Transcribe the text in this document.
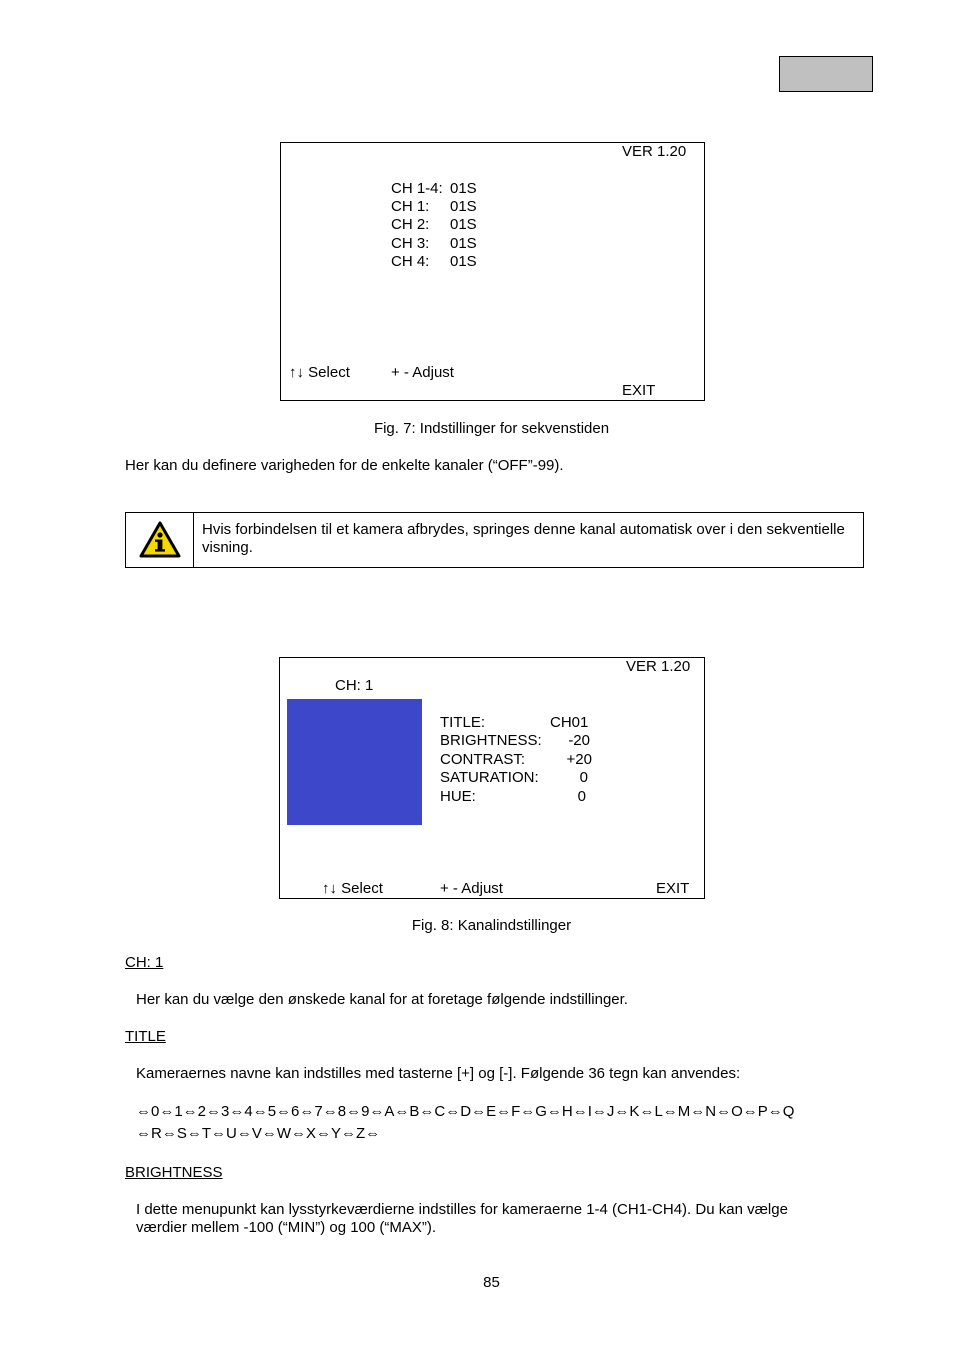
VER 1.20
CH 1-4: 01S
CH 1: 01S
CH 2: 01S
CH 3: 01S
CH 4: 01S
↑↓ Select	+ - Adjust
EXIT
Fig. 7: Indstillinger for sekvenstiden
Her kan du definere varigheden for de enkelte kanaler (“OFF”-99).
Hvis forbindelsen til et kamera afbrydes, springes denne kanal automatisk over i den sekventielle visning.
VER 1.20
CH: 1
TITLE:	CH01
BRIGHTNESS:	-20
CONTRAST:	+20
SATURATION:	0
HUE:	0
↑↓ Select	+ - Adjust	EXIT
Fig. 8: Kanalindstillinger
CH: 1
Her kan du vælge den ønskede kanal for at foretage følgende indstillinger.
TITLE
Kameraernes navne kan indstilles med tasterne [+] og [-]. Følgende 36 tegn kan anvendes:
⇔0⇔1⇔2⇔3⇔4⇔5⇔6⇔7⇔8⇔9⇔A⇔B⇔C⇔D⇔E⇔F⇔G⇔H⇔I⇔J⇔K⇔L⇔M⇔N⇔O⇔P⇔Q
⇔R⇔S⇔T⇔U⇔V⇔W⇔X⇔Y⇔Z⇔
BRIGHTNESS
I dette menupunkt kan lysstyrkeværdierne indstilles for kameraerne 1-4 (CH1-CH4). Du kan vælge
værdier mellem -100 (“MIN”) og 100 (“MAX”).
85
